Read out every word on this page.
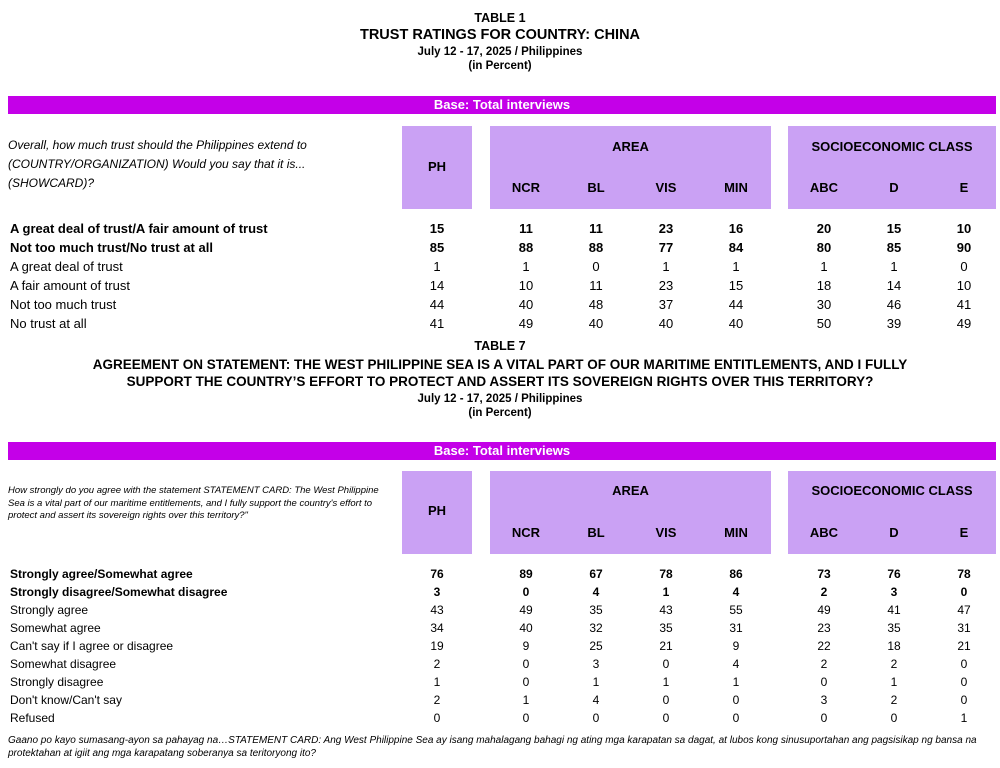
TABLE 1
TRUST RATINGS FOR COUNTRY: CHINA
July 12 - 17, 2025 / Philippines
(in Percent)
Base: Total interviews
Overall, how much trust should the Philippines extend to (COUNTRY/ORGANIZATION) Would you say that it is... (SHOWCARD)?
PH
AREA	SOCIOECONOMIC CLASS
NCR	BL	VIS	MIN	ABC	D	E
A great deal of trust/A fair amount of trust	15	11	11	23	16	20	15	10
Not too much trust/No trust at all	85	88	88	77	84	80	85	90
A great deal of trust	1	1	0	1	1	1	1	0
A fair amount of trust	14	10	11	23	15	18	14	10
Not too much trust	44	40	48	37	44	30	46	41
No trust at all	41	49	40	40	40	50	39	49
TABLE 7
AGREEMENT ON STATEMENT: THE WEST PHILIPPINE SEA IS A VITAL PART OF OUR MARITIME ENTITLEMENTS, AND I FULLY
SUPPORT THE COUNTRY’S EFFORT TO PROTECT AND ASSERT ITS SOVEREIGN RIGHTS OVER THIS TERRITORY?
July 12 - 17, 2025 / Philippines
(in Percent)
Base: Total interviews
How strongly do you agree with the statement STATEMENT CARD: The West Philippine Sea is a vital part of our maritime entitlements, and I fully support the country's effort to protect and assert its sovereign rights over this territory?"	PH
AREA	SOCIOECONOMIC CLASS
NCR	BL	VIS	MIN	ABC	D	E
Strongly agree/Somewhat agree	76	89	67	78	86	73	76	78
Strongly disagree/Somewhat disagree	3	0	4	1	4	2	3	0
Strongly agree	43	49	35	43	55	49	41	47
Somewhat agree	34	40	32	35	31	23	35	31
Can't say if I agree or disagree	19	9	25	21	9	22	18	21
Somewhat disagree	2	0	3	0	4	2	2	0
Strongly disagree	1	0	1	1	1	0	1	0
Don't know/Can't say	2	1	4	0	0	3	2	0
Refused	0	0	0	0	0	0	0	1
Gaano po kayo sumasang-ayon sa pahayag na…STATEMENT CARD: Ang West Philippine Sea ay isang mahalagang bahagi ng ating mga karapatan sa dagat, at lubos kong sinusuportahan ang pagsisikap ng bansa na protektahan at igiit ang mga karapatang soberanya sa teritoryong ito?
